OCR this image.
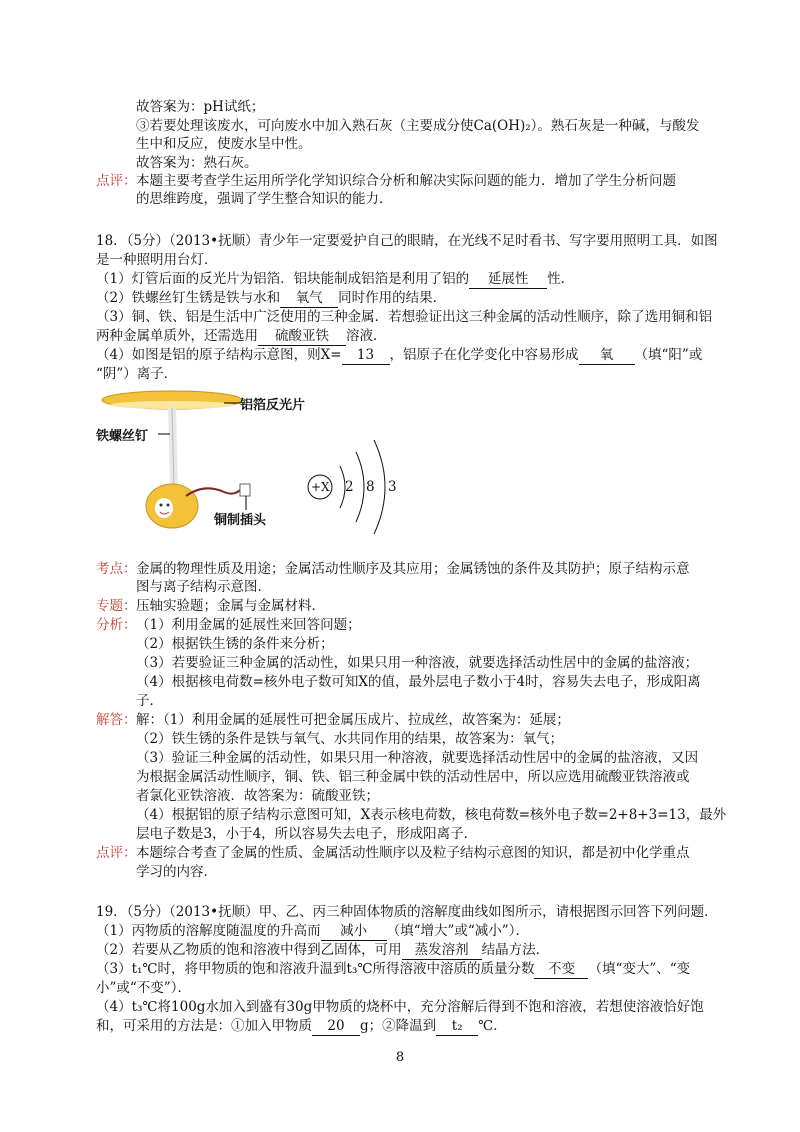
故答案为：pH试纸；
③若要处理该废水，可向废水中加入熟石灰（主要成分使Ca(OH)₂）。熟石灰是一种碱，与酸发
生中和反应，使废水呈中性。
故答案为：熟石灰。
点评： 本题主要考查学生运用所学化学知识综合分析和解决实际问题的能力．增加了学生分析问题
的思维跨度，强调了学生整合知识的能力．
18．（5分）（2013•抚顺）青少年一定要爱护自己的眼睛，在光线不足时看书、写字要用照明工具．如图
是一种照明用台灯．
（1）灯管后面的反光片为铝箔．铝块能制成铝箔是利用了铝的 延展性 性．
（2）铁螺丝钉生锈是铁与水和 氧气 同时作用的结果．
（3）铜、铁、铝是生活中广泛使用的三种金属．若想验证出这三种金属的活动性顺序，除了选用铜和铝
两种金属单质外，还需选用 硫酸亚铁 溶液．
（4）如图是铝的原子结构示意图，则X= 13 ，铝原子在化学变化中容易形成 氧 （填“阳”或
“阴”）离子．
铝箔反光片
铁螺丝钉
铜制插头
+X 2 8 3
考点： 金属的物理性质及用途；金属活动性顺序及其应用；金属锈蚀的条件及其防护；原子结构示意
图与离子结构示意图．
专题： 压轴实验题；金属与金属材料．
分析： （1）利用金属的延展性来回答问题；
（2）根据铁生锈的条件来分析；
（3）若要验证三种金属的活动性，如果只用一种溶液，就要选择活动性居中的金属的盐溶液；
（4）根据核电荷数=核外电子数可知X的值，最外层电子数小于4时，容易失去电子，形成阳离
子．
解答： 解：（1）利用金属的延展性可把金属压成片、拉成丝，故答案为：延展；
（2）铁生锈的条件是铁与氧气、水共同作用的结果，故答案为：氧气；
（3）验证三种金属的活动性，如果只用一种溶液，就要选择活动性居中的金属的盐溶液，又因
为根据金属活动性顺序，铜、铁、铝三种金属中铁的活动性居中，所以应选用硫酸亚铁溶液或
者氯化亚铁溶液．故答案为：硫酸亚铁；
（4）根据铝的原子结构示意图可知，X表示核电荷数，核电荷数=核外电子数=2+8+3=13，最外
层电子数是3，小于4，所以容易失去电子，形成阳离子．
点评： 本题综合考查了金属的性质、金属活动性顺序以及粒子结构示意图的知识，都是初中化学重点
学习的内容．
19．（5分）（2013•抚顺）甲、乙、丙三种固体物质的溶解度曲线如图所示，请根据图示回答下列问题．
（1）丙物质的溶解度随温度的升高而 减小 （填“增大”或“减小”）．
（2）若要从乙物质的饱和溶液中得到乙固体，可用 蒸发溶剂 结晶方法．
（3）t₁℃时，将甲物质的饱和溶液升温到t₃℃所得溶液中溶质的质量分数 不变 （填“变大”、“变
小”或“不变”）．
（4）t₃℃将100g水加入到盛有30g甲物质的烧杯中，充分溶解后得到不饱和溶液，若想使溶液恰好饱
和，可采用的方法是：①加入甲物质 20 g；②降温到 t₂ ℃．
8
